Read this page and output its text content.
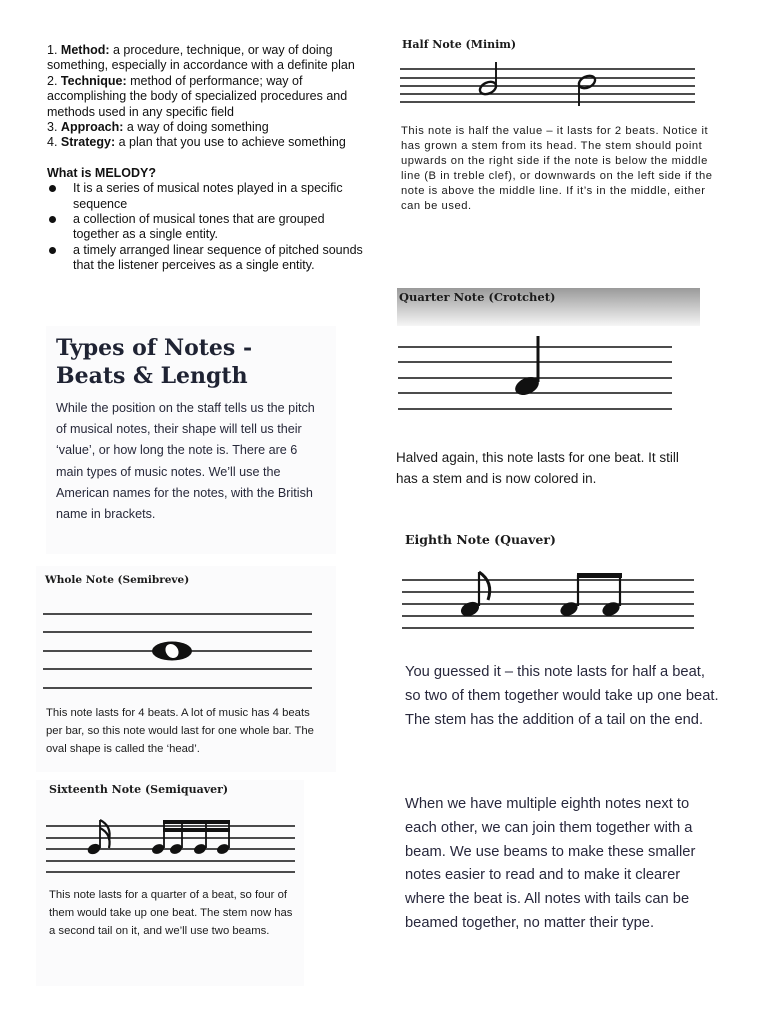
1. Method: a procedure, technique, or way of doing something, especially in accordance with a definite plan

2. Technique: method of performance; way of accomplishing the body of specialized procedures and methods used in any specific field

3. Approach: a way of doing something

4. Strategy: a plan that you use to achieve something

What is MELODY?

It is a series of musical notes played in a specific sequence
a collection of musical tones that are grouped together as a single entity.
a timely arranged linear sequence of pitched sounds that the listener perceives as a single entity.
Types of Notes -
Beats & Length
While the position on the staff tells us the pitch of musical notes, their shape will tell us their ‘value’, or how long the note is. There are 6 main types of music notes. We’ll use the American names for the notes, with the British name in brackets.
Whole Note (Semibreve)
This note lasts for 4 beats. A lot of music has 4 beats per bar, so this note would last for one whole bar. The oval shape is called the ‘head’.
Sixteenth Note (Semiquaver)
This note lasts for a quarter of a beat, so four of them would take up one beat. The stem now has a second tail on it, and we’ll use two beams.
Half Note (Minim)
This note is half the value – it lasts for 2 beats. Notice it has grown a stem from its head. The stem should point upwards on the right side if the note is below the middle line (B in treble clef), or downwards on the left side if the note is above the middle line. If it’s in the middle, either can be used.
Quarter Note (Crotchet)
Halved again, this note lasts for one beat. It still has a stem and is now colored in.
Eighth Note (Quaver)
You guessed it – this note lasts for half a beat, so two of them together would take up one beat. The stem has the addition of a tail on the end.
When we have multiple eighth notes next to each other, we can join them together with a beam. We use beams to make these smaller notes easier to read and to make it clearer where the beat is. All notes with tails can be beamed together, no matter their type.
